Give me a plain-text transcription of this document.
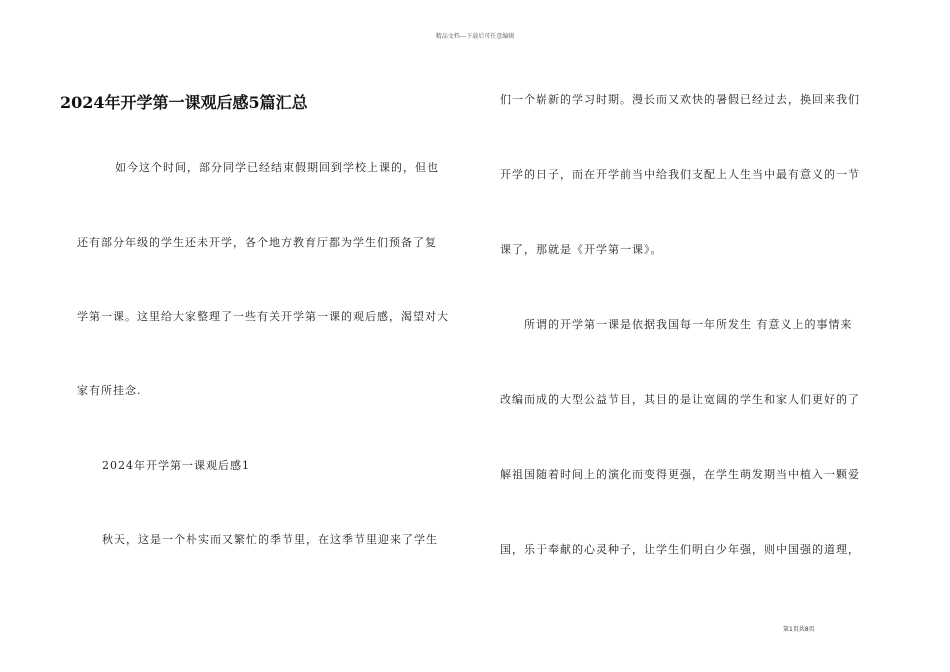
精品文档---下载后可任意编辑
2024年开学第一课观后感5篇汇总
如今这个时间，部分同学已经结束假期回到学校上课的，但也
还有部分年级的学生还未开学，各个地方教育厅都为学生们预备了复
学第一课。这里给大家整理了一些有关开学第一课的观后感，渴望对大
家有所挂念.
2024年开学第一课观后感1
秋天，这是一个朴实而又繁忙的季节里，在这季节里迎来了学生
们一个崭新的学习时期。漫长而又欢快的暑假已经过去，换回来我们
开学的日子，而在开学前当中给我们支配上人生当中最有意义的一节
课了，那就是《开学第一课》。
所谓的开学第一课是依据我国每一年所发生 有意义上的事情来
改编而成的大型公益节目，其目的是让宽阔的学生和家人们更好的了
解祖国随着时间上的演化而变得更强，在学生萌发期当中植入一颗爱
国，乐于奉献的心灵种子，让学生们明白少年强，则中国强的道理，
第1页共8页
